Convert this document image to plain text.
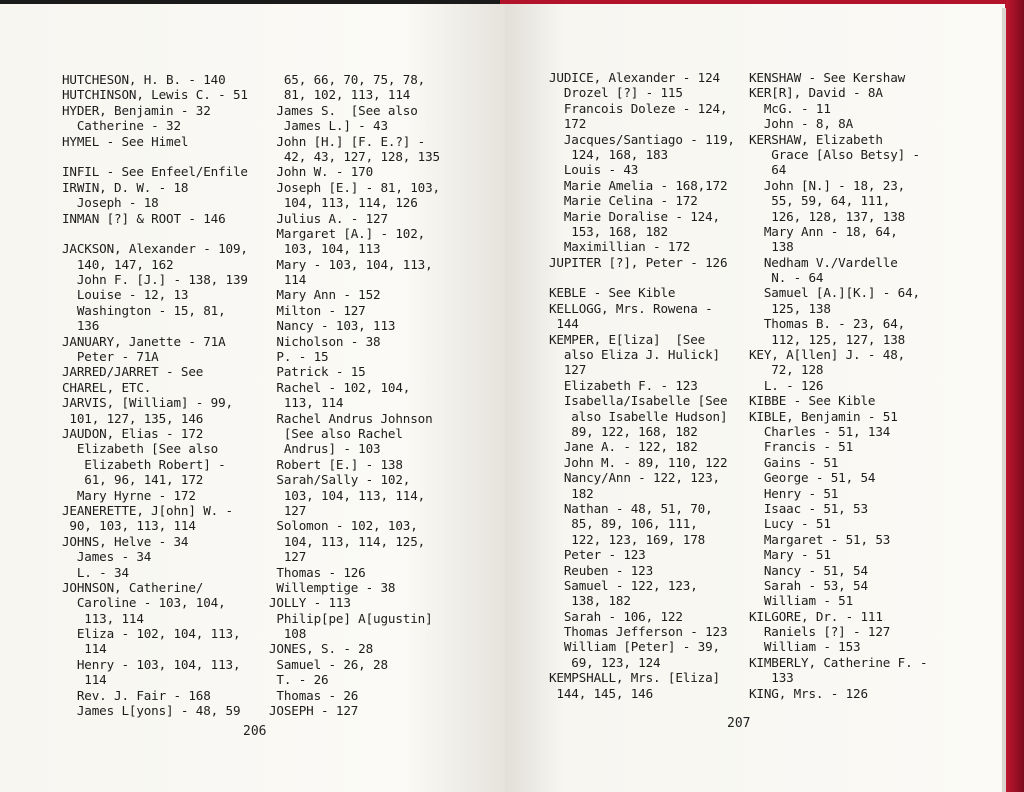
HUTCHESON, H. B. - 140
HUTCHINSON, Lewis C. - 51
HYDER, Benjamin - 32
Catherine - 32
HYMEL - See Himel
INFIL - See Enfeel/Enfile
IRWIN, D. W. - 18
Joseph - 18
INMAN [?] & ROOT - 146
JACKSON, Alexander - 109,
140, 147, 162
John F. [J.] - 138, 139
Louise - 12, 13
Washington - 15, 81,
136
JANUARY, Janette - 71A
Peter - 71A
JARRED/JARRET - See
CHAREL, ETC.
JARVIS, [William] - 99,
101, 127, 135, 146
JAUDON, Elias - 172
Elizabeth [See also
Elizabeth Robert] -
61, 96, 141, 172
Mary Hyrne - 172
JEANERETTE, J[ohn] W. -
90, 103, 113, 114
JOHNS, Helve - 34
James - 34
L. - 34
JOHNSON, Catherine/
Caroline - 103, 104,
113, 114
Eliza - 102, 104, 113,
114
Henry - 103, 104, 113,
114
Rev. J. Fair - 168
James L[yons] - 48, 59
65, 66, 70, 75, 78,
81, 102, 113, 114
James S.  [See also
James L.] - 43
John [H.] [F. E.?] -
42, 43, 127, 128, 135
John W. - 170
Joseph [E.] - 81, 103,
104, 113, 114, 126
Julius A. - 127
Margaret [A.] - 102,
103, 104, 113
Mary - 103, 104, 113,
114
Mary Ann - 152
Milton - 127
Nancy - 103, 113
Nicholson - 38
P. - 15
Patrick - 15
Rachel - 102, 104,
113, 114
Rachel Andrus Johnson
[See also Rachel
Andrus] - 103
Robert [E.] - 138
Sarah/Sally - 102,
103, 104, 113, 114,
127
Solomon - 102, 103,
104, 113, 114, 125,
127
Thomas - 126
Willemptige - 38
JOLLY - 113
Philip[pe] A[ugustin]
108
JONES, S. - 28
Samuel - 26, 28
T. - 26
Thomas - 26
JOSEPH - 127
206
JUDICE, Alexander - 124
Drozel [?] - 115
Francois Doleze - 124,
172
Jacques/Santiago - 119,
124, 168, 183
Louis - 43
Marie Amelia - 168,172
Marie Celina - 172
Marie Doralise - 124,
153, 168, 182
Maximillian - 172
JUPITER [?], Peter - 126
KEBLE - See Kible
KELLOGG, Mrs. Rowena -
144
KEMPER, E[liza]  [See
also Eliza J. Hulick]
127
Elizabeth F. - 123
Isabella/Isabelle [See
also Isabelle Hudson]
89, 122, 168, 182
Jane A. - 122, 182
John M. - 89, 110, 122
Nancy/Ann - 122, 123,
182
Nathan - 48, 51, 70,
85, 89, 106, 111,
122, 123, 169, 178
Peter - 123
Reuben - 123
Samuel - 122, 123,
138, 182
Sarah - 106, 122
Thomas Jefferson - 123
William [Peter] - 39,
69, 123, 124
KEMPSHALL, Mrs. [Eliza]
144, 145, 146
KENSHAW - See Kershaw
KER[R], David - 8A
McG. - 11
John - 8, 8A
KERSHAW, Elizabeth
Grace [Also Betsy] -
64
John [N.] - 18, 23,
55, 59, 64, 111,
126, 128, 137, 138
Mary Ann - 18, 64,
138
Nedham V./Vardelle
N. - 64
Samuel [A.][K.] - 64,
125, 138
Thomas B. - 23, 64,
112, 125, 127, 138
KEY, A[llen] J. - 48,
72, 128
L. - 126
KIBBE - See Kible
KIBLE, Benjamin - 51
Charles - 51, 134
Francis - 51
Gains - 51
George - 51, 54
Henry - 51
Isaac - 51, 53
Lucy - 51
Margaret - 51, 53
Mary - 51
Nancy - 51, 54
Sarah - 53, 54
William - 51
KILGORE, Dr. - 111
Raniels [?] - 127
William - 153
KIMBERLY, Catherine F. -
133
KING, Mrs. - 126
207
